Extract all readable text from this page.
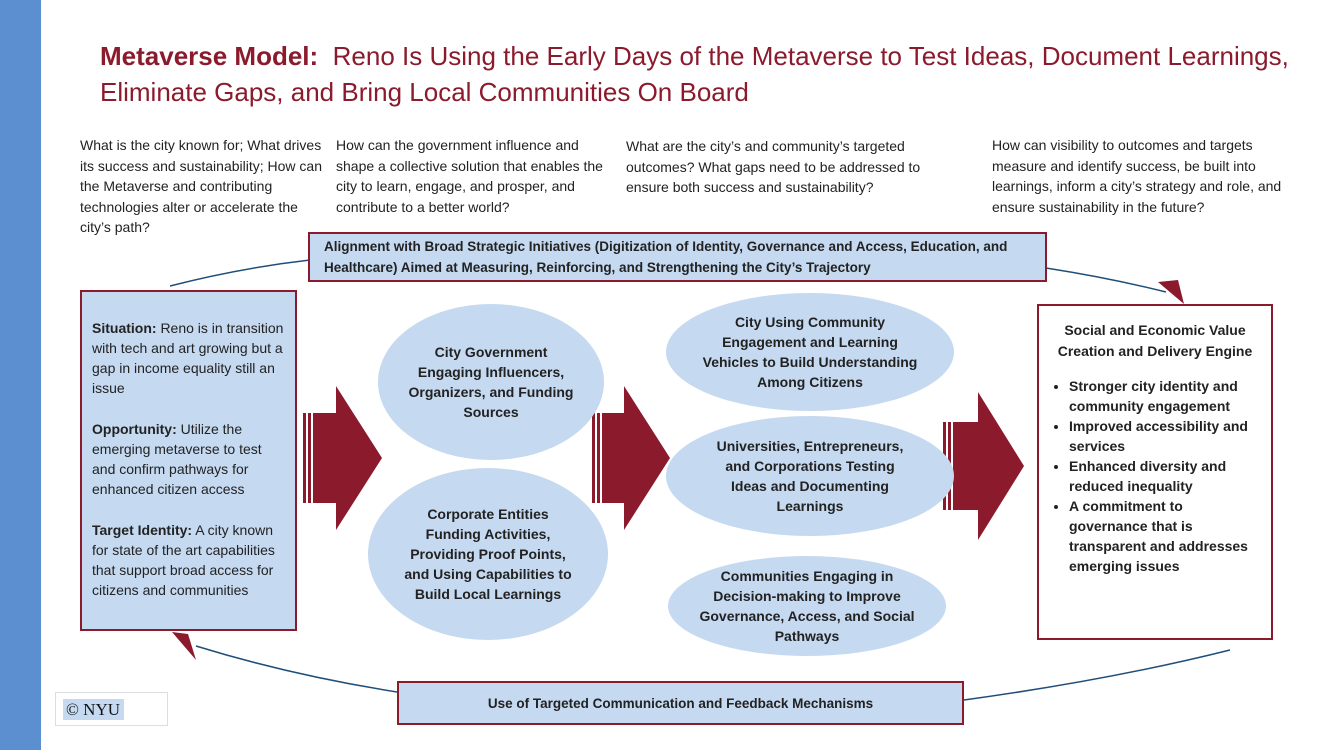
Metaverse Model: Reno Is Using the Early Days of the Metaverse to Test Ideas, Document Learnings, Eliminate Gaps, and Bring Local Communities On Board
What is the city known for; What drives its success and sustainability; How can the Metaverse and contributing technologies alter or accelerate the city’s path?
How can the government influence and shape a collective solution that enables the city to learn, engage, and prosper, and contribute to a better world?
What are the city’s and community’s targeted outcomes? What gaps need to be addressed to ensure both success and sustainability?
How can visibility to outcomes and targets measure and identify success, be built into learnings, inform a city’s strategy and role, and ensure sustainability in the future?
Alignment with Broad Strategic Initiatives (Digitization of Identity, Governance and Access, Education, and Healthcare) Aimed at Measuring, Reinforcing, and Strengthening the City’s Trajectory

Situation: Reno is in transition with tech and art growing but a gap in income equality still an issue

Opportunity: Utilize the emerging metaverse to test and confirm pathways for enhanced citizen access

Target Identity: A city known for state of the art capabilities that support broad access for citizens and communities

City Government Engaging Influencers, Organizers, and Funding Sources
Corporate Entities Funding Activities, Providing Proof Points, and Using Capabilities to Build Local Learnings
City Using Community Engagement and Learning Vehicles to Build Understanding Among Citizens
Universities, Entrepreneurs, and Corporations Testing Ideas and Documenting Learnings
Communities Engaging in Decision-making to Improve Governance, Access, and Social Pathways
Social and Economic Value Creation and Delivery Engine
• Stronger city identity and community engagement
• Improved accessibility and services
• Enhanced diversity and reduced inequality
• A commitment to governance that is transparent and addresses emerging issues
Use of Targeted Communication and Feedback Mechanisms
© NYU
